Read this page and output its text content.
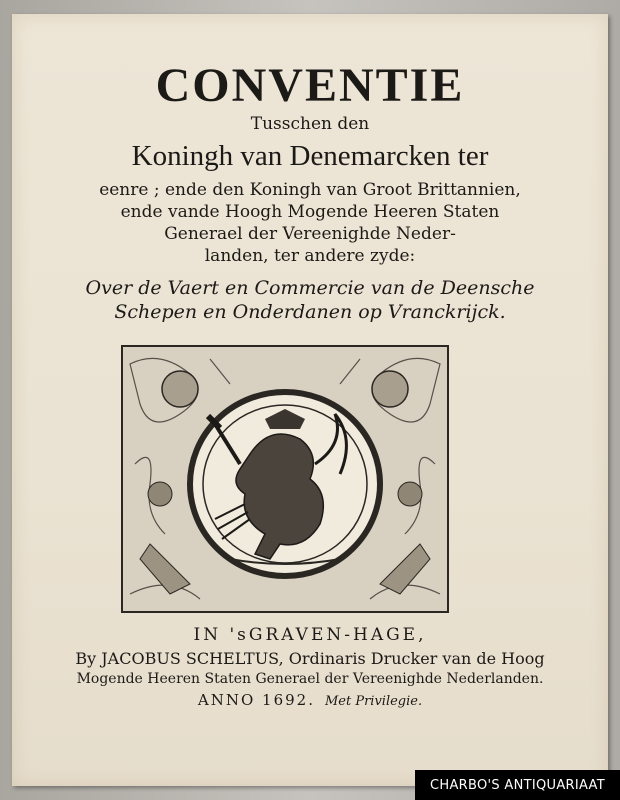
CONVENTIE
Tusschen den
Koningh van Denemarcken ter
eenre ; ende den Koningh van Groot Brittannien,
ende vande Hoogh Mogende Heeren Staten
Generael der Vereenighde Neder-
landen, ter andere zyde:
Over de Vaert en Commercie van de Deensche
Schepen en Onderdanen op Vranckrijck.
IN 'sGRAVEN-HAGE,
By JACOBUS SCHELTUS, Ordinaris Drucker van de Hoog
Mogende Heeren Staten Generael der Vereenighde Nederlanden.
ANNO 1692. Met Privilegie.
CHARBO'S ANTIQUARIAAT
